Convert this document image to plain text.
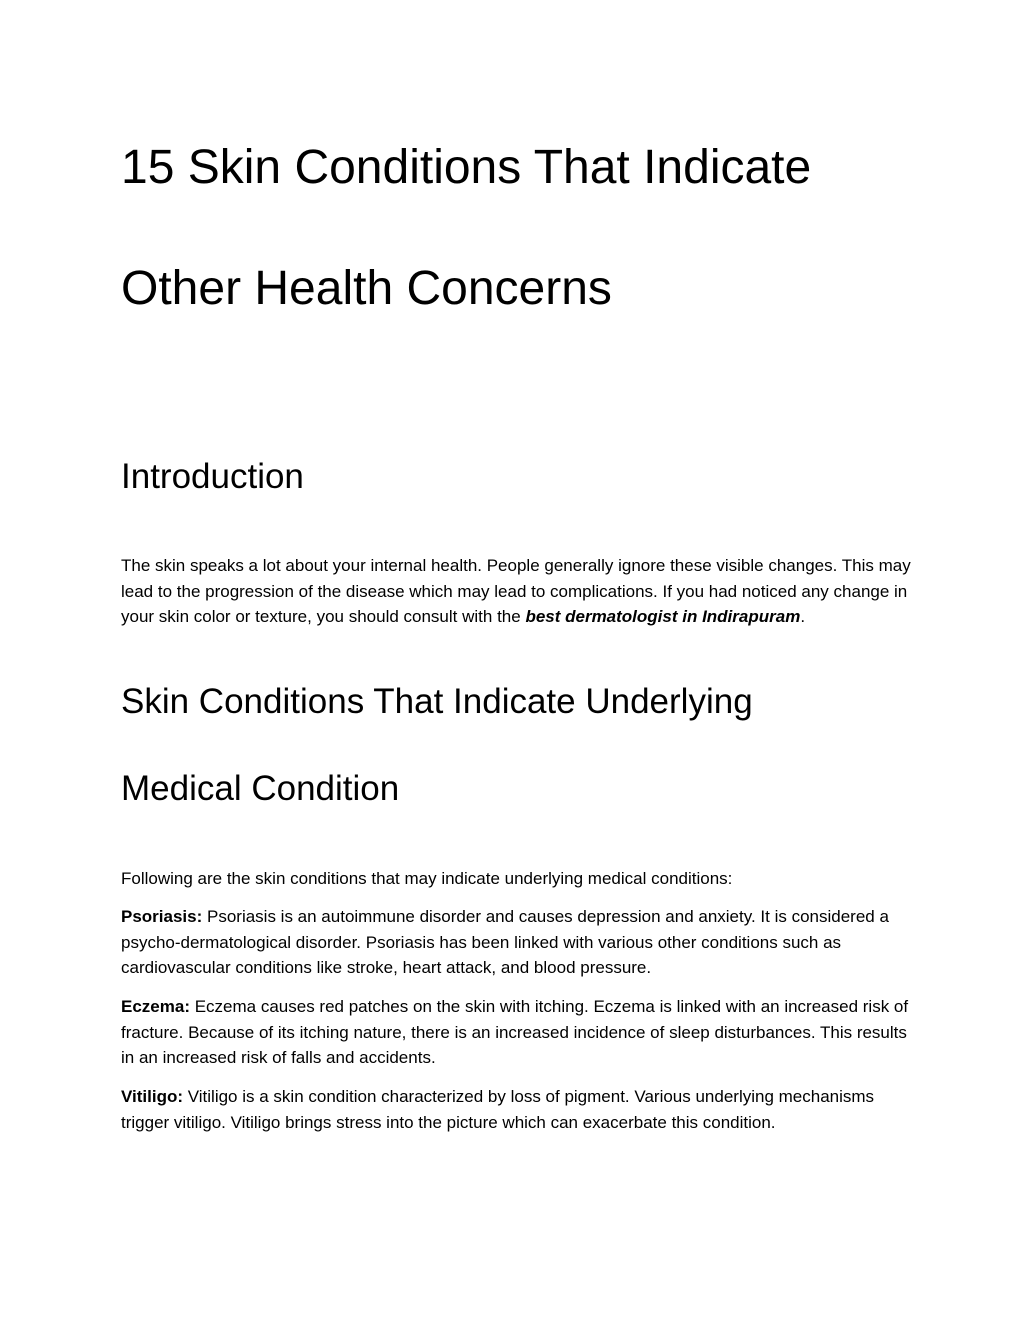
15 Skin Conditions That Indicate
Other Health Concerns
Introduction

The skin speaks a lot about your internal health. People generally ignore these visible changes. This may lead to the progression of the disease which may lead to complications. If you had noticed any change in your skin color or texture, you should consult with the best dermatologist in Indirapuram.

Skin Conditions That Indicate Underlying
Medical Condition

Following are the skin conditions that may indicate underlying medical conditions:

Psoriasis: Psoriasis is an autoimmune disorder and causes depression and anxiety. It is considered a psycho-dermatological disorder. Psoriasis has been linked with various other conditions such as cardiovascular conditions like stroke, heart attack, and blood pressure.

Eczema: Eczema causes red patches on the skin with itching. Eczema is linked with an increased risk of fracture. Because of its itching nature, there is an increased incidence of sleep disturbances. This results in an increased risk of falls and accidents.

Vitiligo: Vitiligo is a skin condition characterized by loss of pigment. Various underlying mechanisms trigger vitiligo. Vitiligo brings stress into the picture which can exacerbate this condition.
